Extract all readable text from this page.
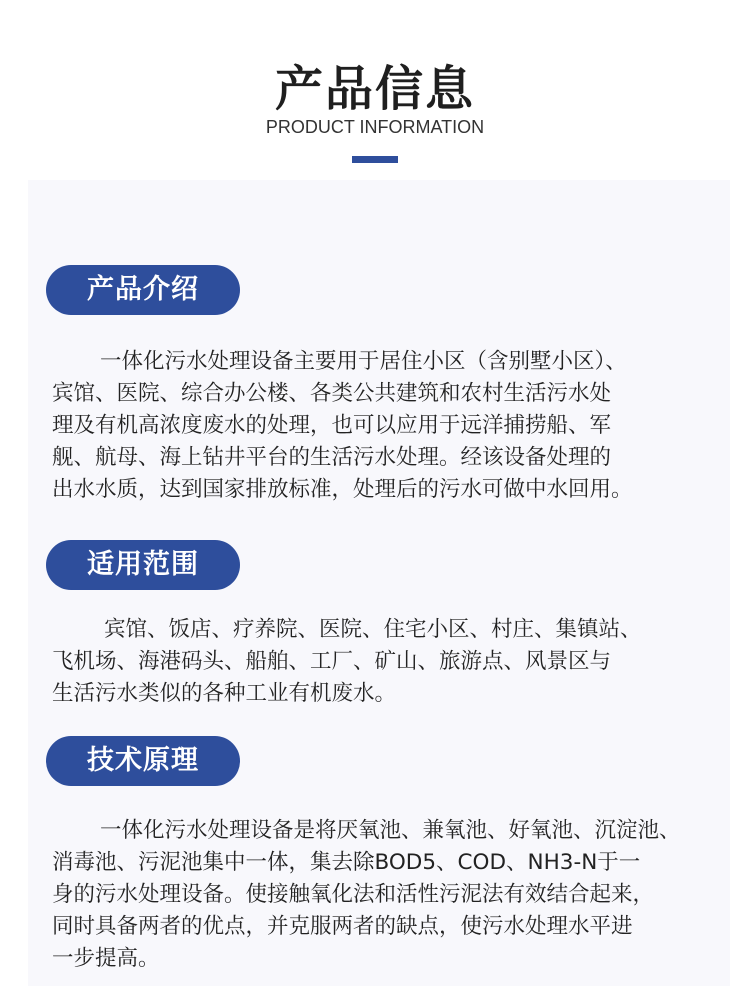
产品信息
PRODUCT INFORMATION
产品介绍
一体化污水处理设备主要用于居住小区（含别墅小区）、
宾馆、医院、综合办公楼、各类公共建筑和农村生活污水处
理及有机高浓度废水的处理，也可以应用于远洋捕捞船、军
舰、航母、海上钻井平台的生活污水处理。经该设备处理的
出水水质，达到国家排放标准，处理后的污水可做中水回用。
适用范围
宾馆、饭店、疗养院、医院、住宅小区、村庄、集镇站、
飞机场、海港码头、船舶、工厂、矿山、旅游点、风景区与
生活污水类似的各种工业有机废水。
技术原理
一体化污水处理设备是将厌氧池、兼氧池、好氧池、沉淀池、
消毒池、污泥池集中一体，集去除BOD5、COD、NH3-N于一
身的污水处理设备。使接触氧化法和活性污泥法有效结合起来，
同时具备两者的优点，并克服两者的缺点，使污水处理水平进
一步提高。
